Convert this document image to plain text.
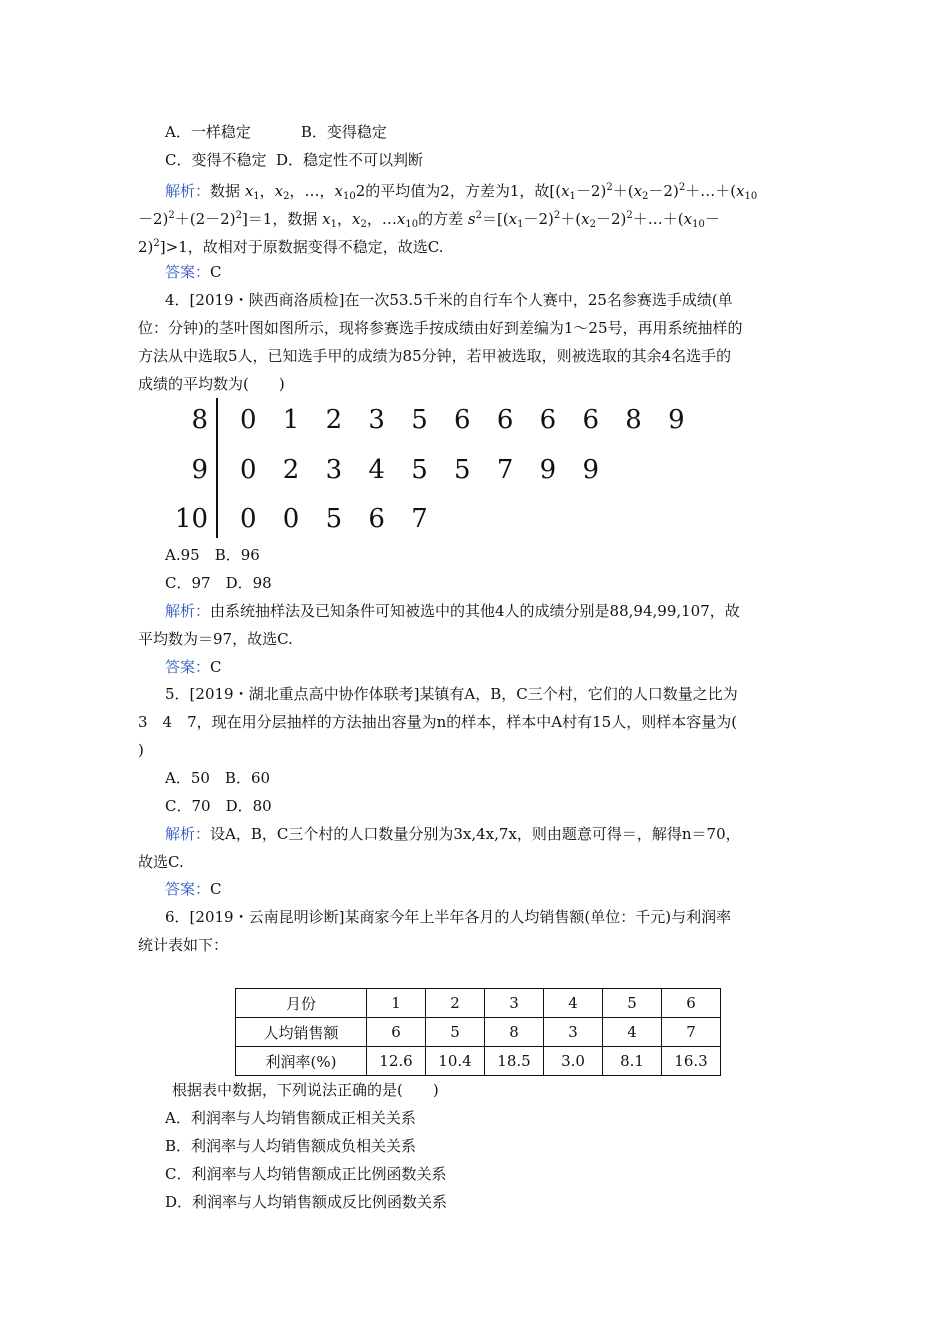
A．一样稳定	B．变得稳定
C．变得不稳定 D．稳定性不可以判断
解析：数据 $x_1$，$x_2$，…，$x_{10}2$的平均值为2，方差为1，故[$(x_1-2)^2+(x_2-2)^2+\dots+(x_{10}$
$-2)^2+(2-2)^2]=1$，数据 $x_1$，$x_2$，$\dots x_{10}$的方差 $s^2=[(x_1-2)^2+(x_2-2)^2+\dots+(x_{10}-$
2)$^2$]>1，故相对于原数据变得不稳定，故选C.
答案：C
4．[2019・陕西商洛质检]在一次53.5千米的自行车个人赛中，25名参赛选手成绩(单
位：分钟)的茎叶图如图所示，现将参赛选手按成绩由好到差编为1～25号，再用系统抽样的
方法从中选取5人，已知选手甲的成绩为85分钟，若甲被选取，则被选取的其余4名选手的
成绩的平均数为(　　)
8 0 1 2 3 5 6 6 6 6 8 9
9 0 2 3 4 5 5 7 9 9
10 0 0 5 6 7
A.95　B．96
C．97　D．98
解析：由系统抽样法及已知条件可知被选中的其他4人的成绩分别是88,94,99,107，故
平均数为＝97，故选C.
答案：C
5．[2019・湖北重点高中协作体联考]某镇有A，B，C三个村，它们的人口数量之比为
3　4　7，现在用分层抽样的方法抽出容量为n的样本，样本中A村有15人，则样本容量为(
)
A．50　B．60
C．70　D．80
解析：设A，B，C三个村的人口数量分别为3x,4x,7x，则由题意可得＝，解得n＝70，
故选C.
答案：C
6．[2019・云南昆明诊断]某商家今年上半年各月的人均销售额(单位：千元)与利润率
统计表如下：
月份	1	2	3	4	5	6
人均销售额	6	5	8	3	4	7
利润率(%)	12.6	10.4	18.5	3.0	8.1	16.3
根据表中数据，下列说法正确的是(　　)
A．利润率与人均销售额成正相关关系
B．利润率与人均销售额成负相关关系
C．利润率与人均销售额成正比例函数关系
D．利润率与人均销售额成反比例函数关系
